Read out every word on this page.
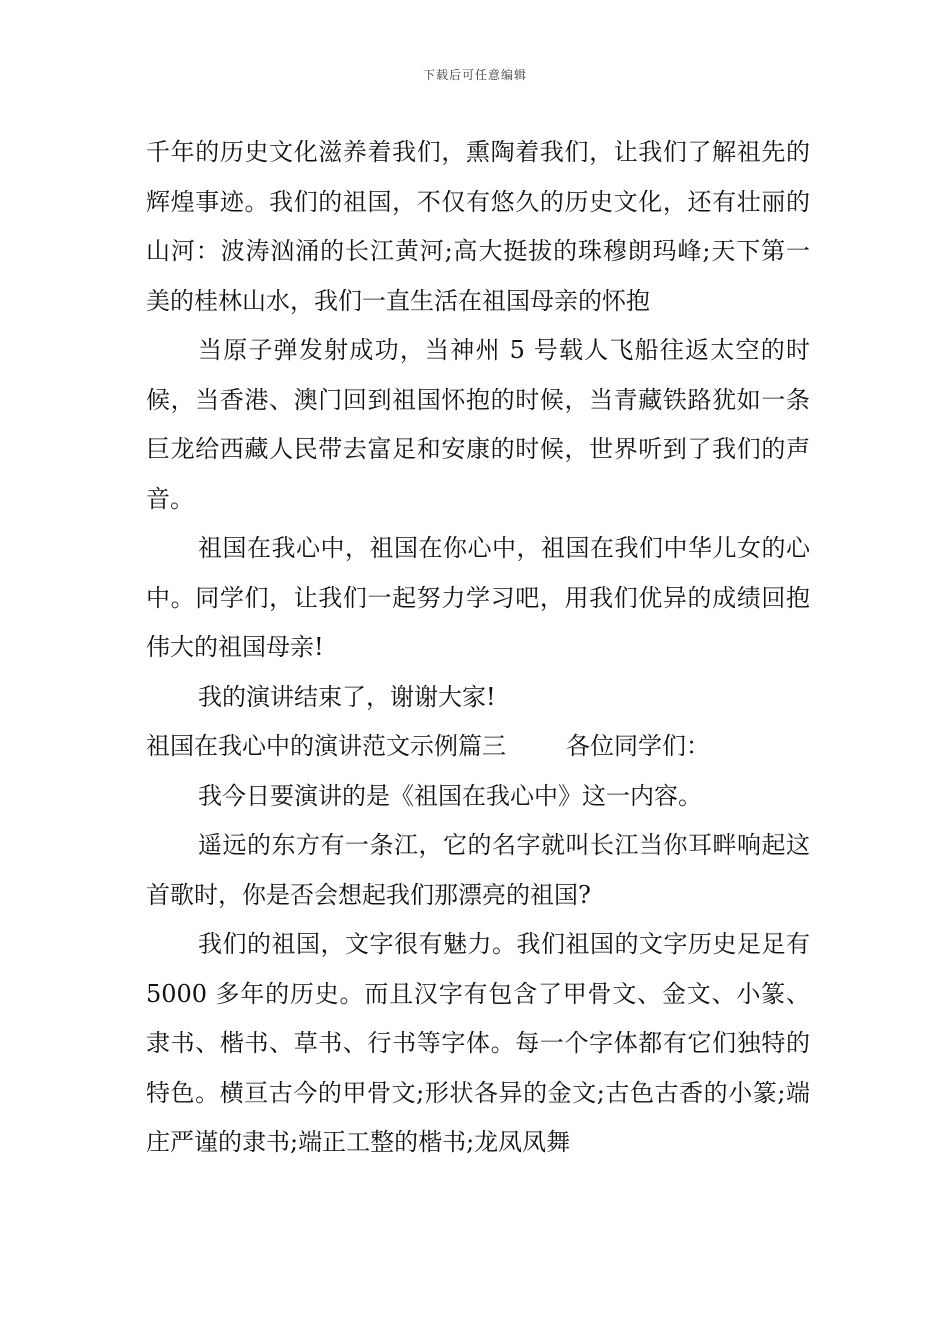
下载后可任意编辑

千年的历史文化滋养着我们，熏陶着我们，让我们了解祖先的辉煌事迹。我们的祖国，不仅有悠久的历史文化，还有壮丽的山河：波涛汹涌的长江黄河;高大挺拔的珠穆朗玛峰;天下第一美的桂林山水，我们一直生活在祖国母亲的怀抱

当原子弹发射成功，当神州 5 号载人飞船往返太空的时候，当香港、澳门回到祖国怀抱的时候，当青藏铁路犹如一条巨龙给西藏人民带去富足和安康的时候，世界听到了我们的声音。

祖国在我心中，祖国在你心中，祖国在我们中华儿女的心中。同学们，让我们一起努力学习吧，用我们优异的成绩回抱伟大的祖国母亲!

我的演讲结束了，谢谢大家!

祖国在我心中的演讲范文示例篇三	各位同学们：

我今日要演讲的是《祖国在我心中》这一内容。

遥远的东方有一条江，它的名字就叫长江当你耳畔响起这首歌时，你是否会想起我们那漂亮的祖国?

我们的祖国，文字很有魅力。我们祖国的文字历史足足有 5000 多年的历史。而且汉字有包含了甲骨文、金文、小篆、隶书、楷书、草书、行书等字体。每一个字体都有它们独特的特色。横亘古今的甲骨文;形状各异的金文;古色古香的小篆;端庄严谨的隶书;端正工整的楷书;龙凤凤舞
